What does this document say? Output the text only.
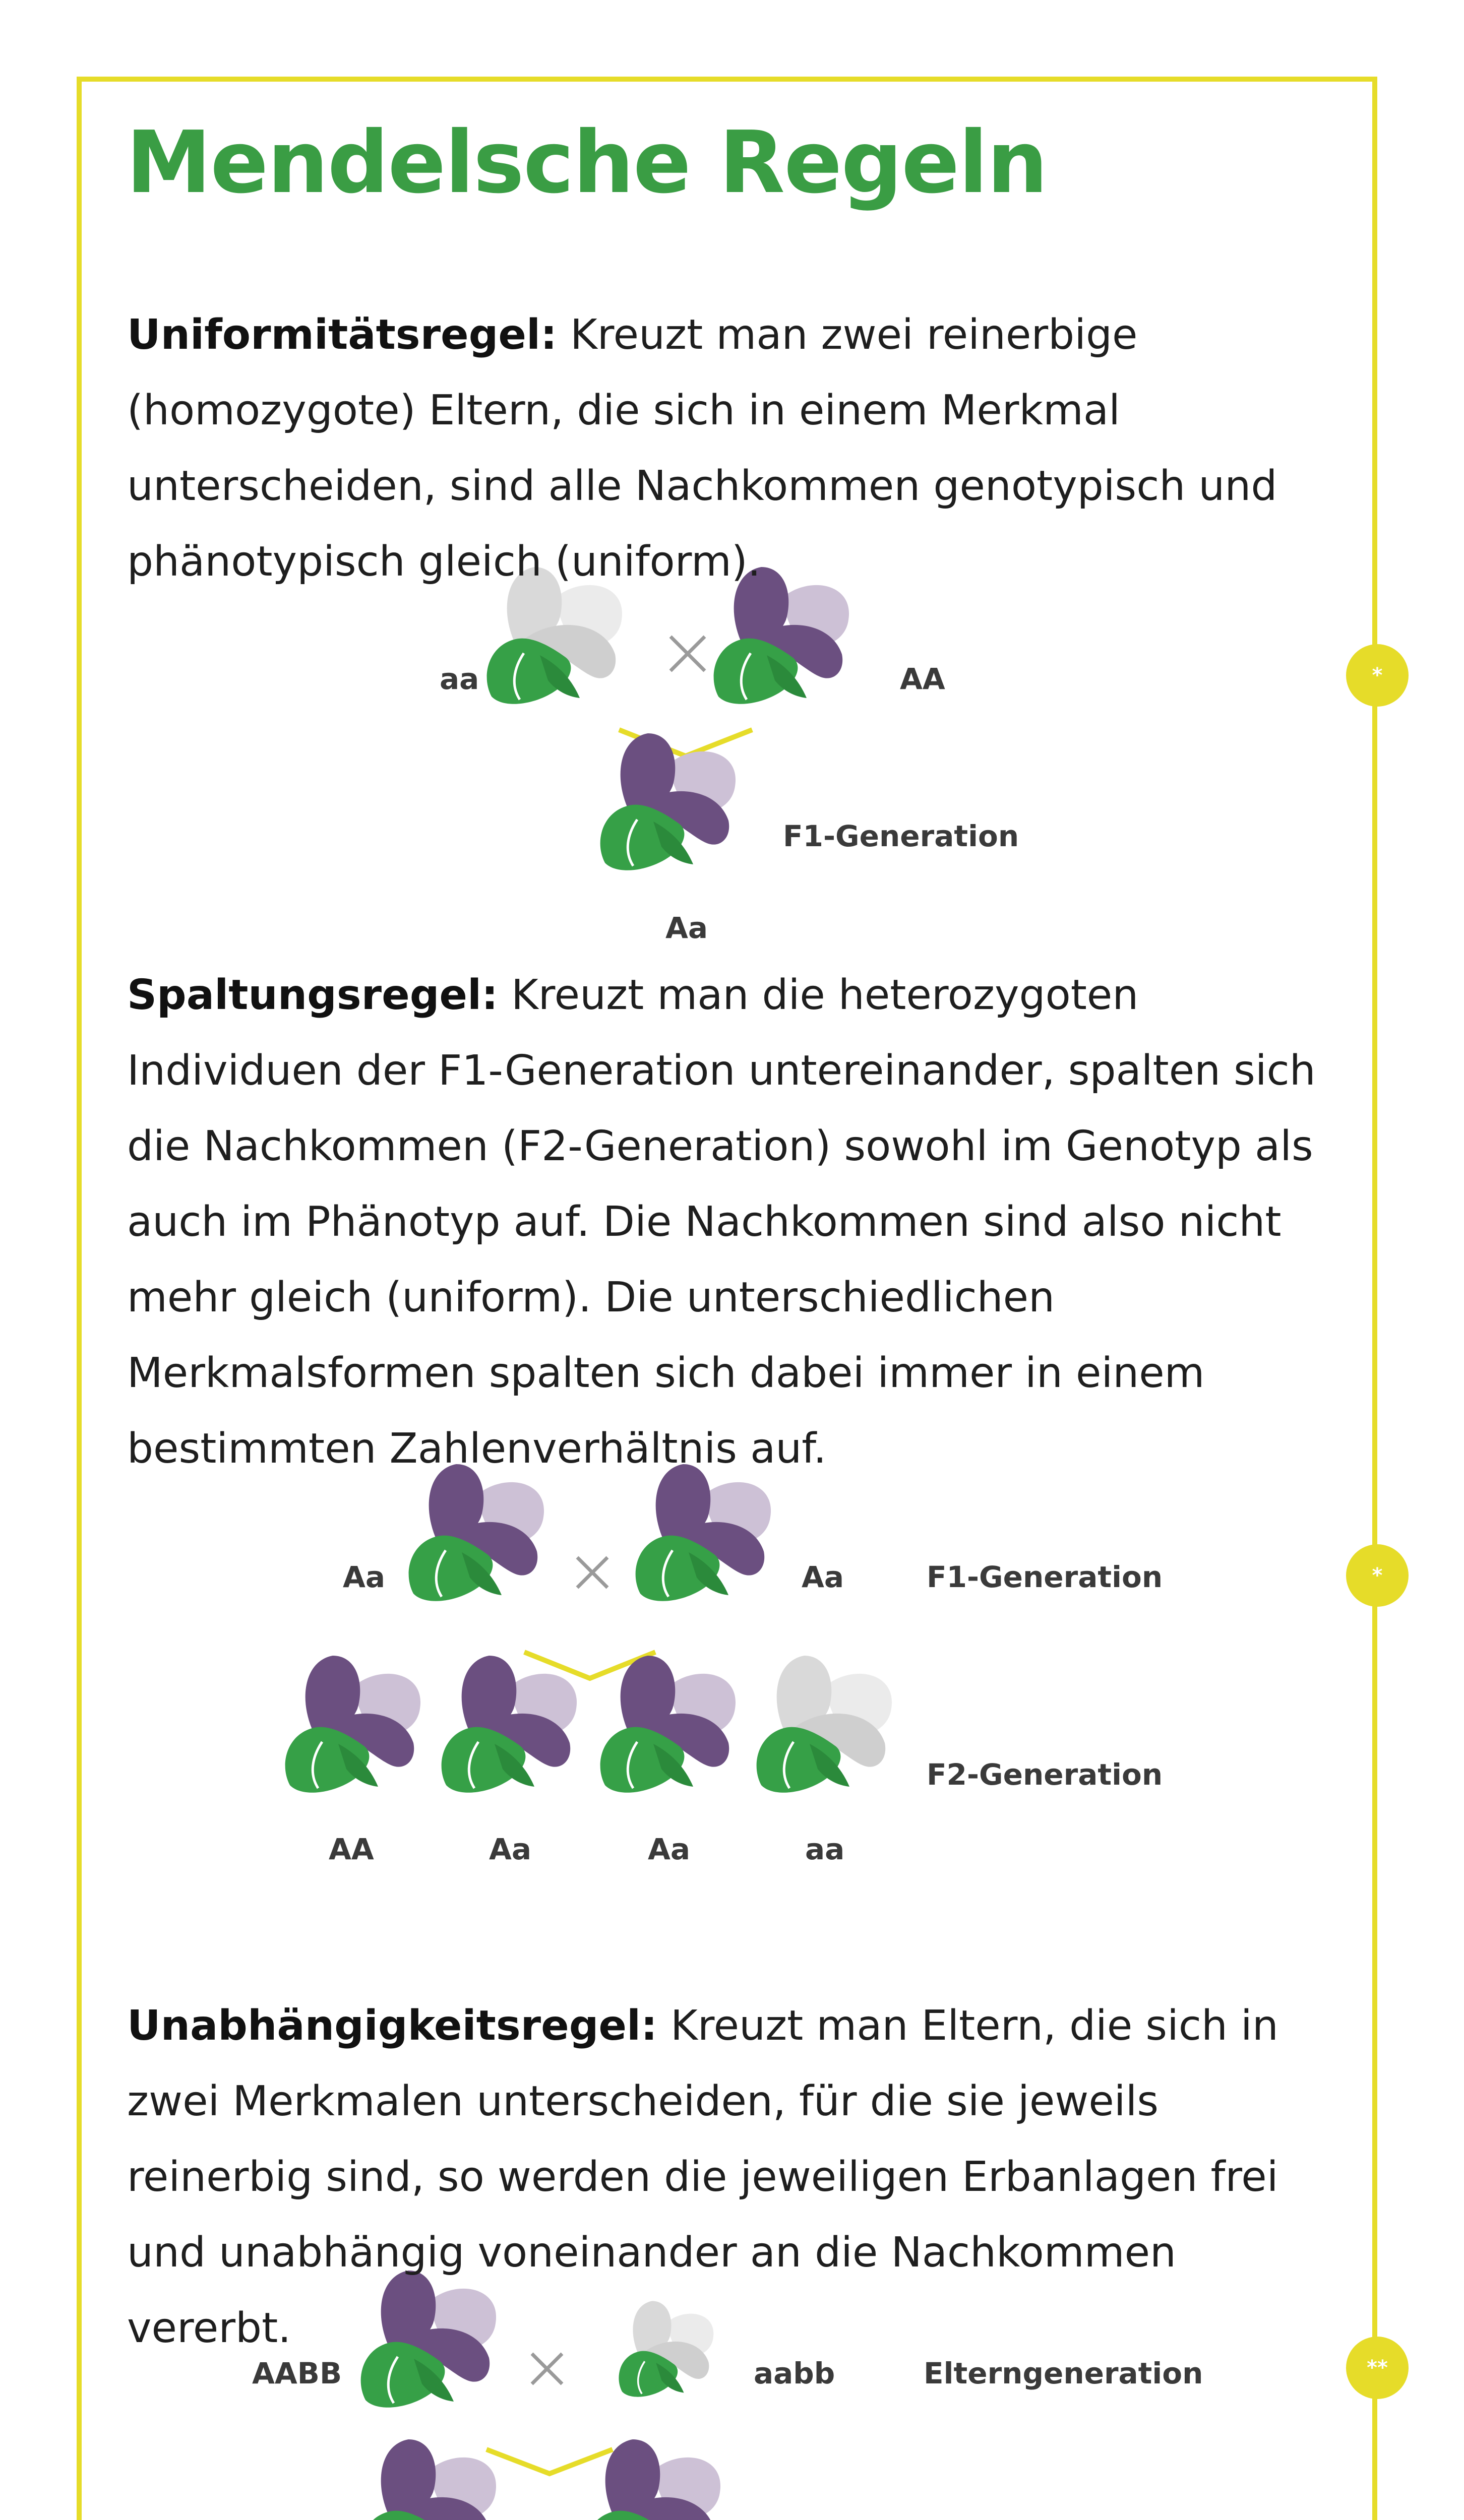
*
*
**
Mendelsche Regeln

Uniformitätsregel: Kreuzt man zwei reinerbige (homozygote) Eltern, die sich in einem Merkmal unterscheiden, sind alle Nachkommen genotypisch und phänotypisch gleich (uniform).

Spaltungsregel: Kreuzt man die heterozygoten Individuen der F1-Generation untereinander, spalten sich die Nachkommen (F2-Generation) sowohl im Genotyp als auch im Phänotyp auf. Die Nachkommen sind also nicht mehr gleich (uniform). Die unterschiedlichen Merkmalsformen spalten sich dabei immer in einem bestimmten Zahlenverhältnis auf.

Unabhängigkeitsregel: Kreuzt man Eltern, die sich in zwei Merkmalen unterscheiden, für die sie jeweils reinerbig sind, so werden die jeweiligen Erbanlagen frei und unabhängig voneinander an die Nachkommen vererbt.

aa	AA
F1-Generation
Aa
Aa	Aa	F1-Generation
F2-Generation
AA	Aa	Aa	aa
AABB	aabb	Elterngeneration
